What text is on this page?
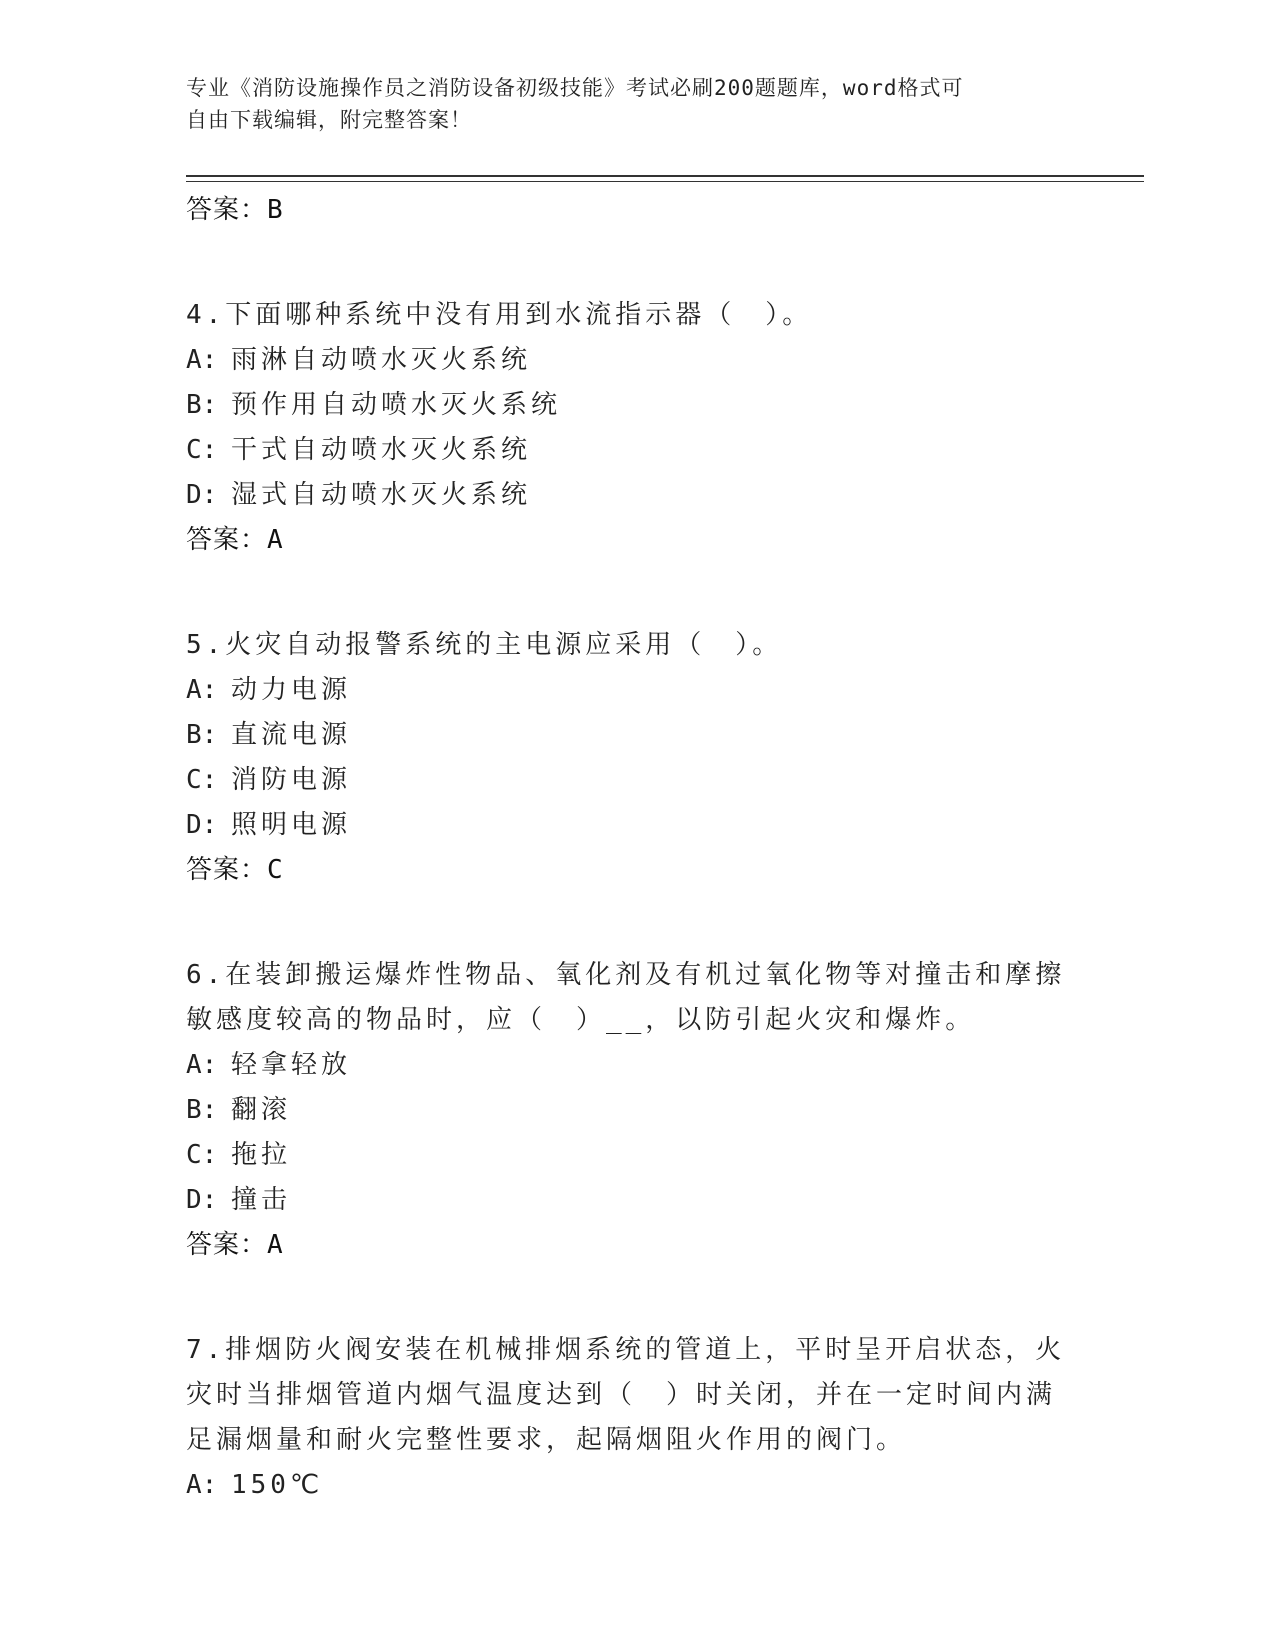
专业《消防设施操作员之消防设备初级技能》考试必刷200题题库，word格式可
自由下载编辑，附完整答案！
答案：B
4.下面哪种系统中没有用到水流指示器（　）。
A: 雨淋自动喷水灭火系统
B: 预作用自动喷水灭火系统
C: 干式自动喷水灭火系统
D: 湿式自动喷水灭火系统
答案：A
5.火灾自动报警系统的主电源应采用（　）。
A: 动力电源
B: 直流电源
C: 消防电源
D: 照明电源
答案：C
6.在装卸搬运爆炸性物品、氧化剂及有机过氧化物等对撞击和摩擦敏感度较高的物品时，应（　）__，以防引起火灾和爆炸。
A: 轻拿轻放
B: 翻滚
C: 拖拉
D: 撞击
答案：A
7.排烟防火阀安装在机械排烟系统的管道上，平时呈开启状态，火灾时当排烟管道内烟气温度达到（　）时关闭，并在一定时间内满足漏烟量和耐火完整性要求，起隔烟阻火作用的阀门。
A: 150℃
